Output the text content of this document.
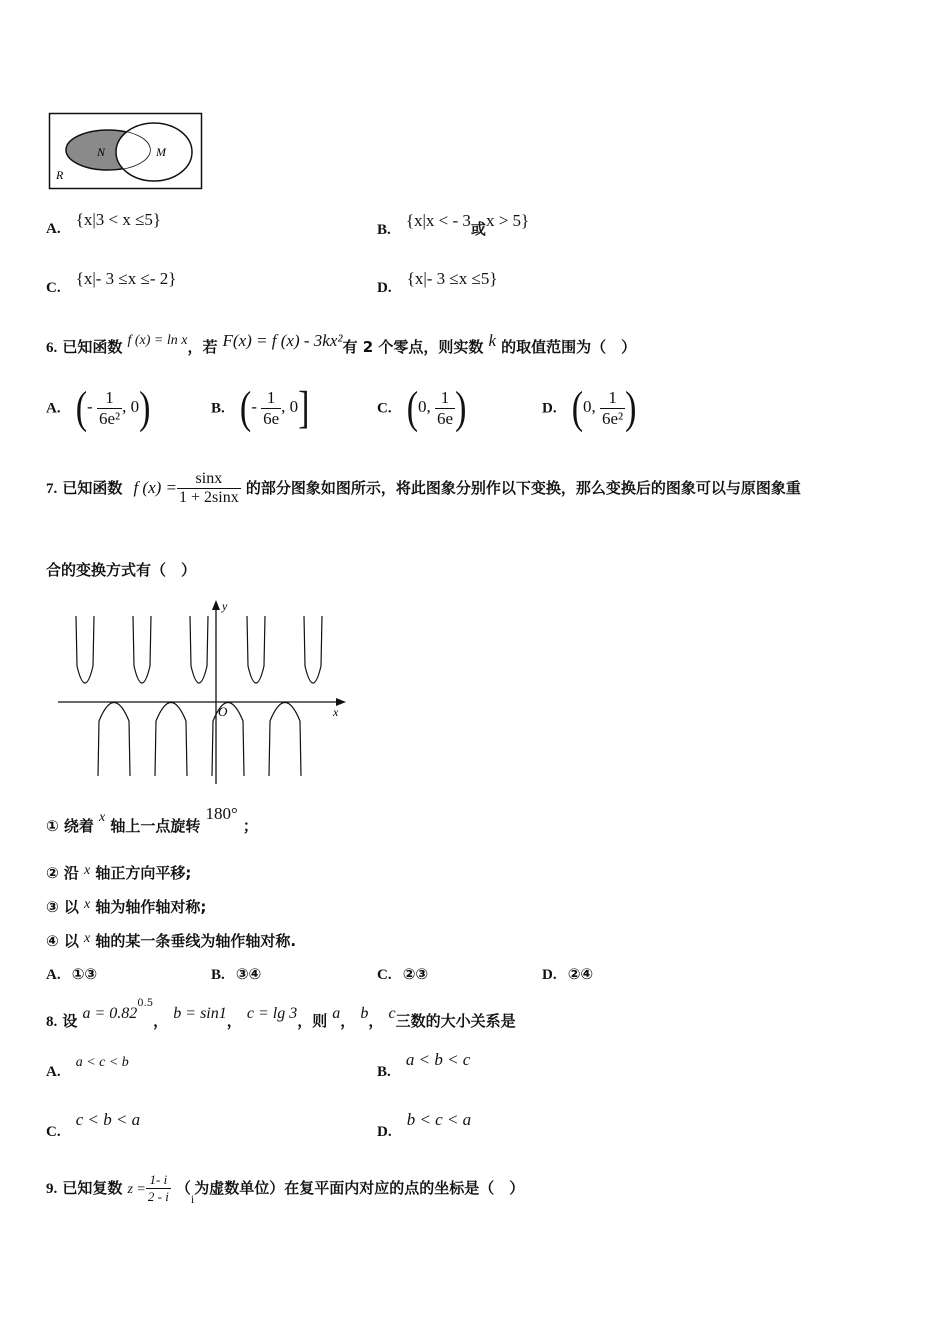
N	M
R
A. {x|3 < x ≤5}
B. {x|x < - 3或x > 5}
C. {x|- 3 ≤x ≤- 2}	D. {x|- 3 ≤x ≤5}
6. 已知函数 f (x) = ln x，若 F(x) = f (x) - 3kx²有 2 个零点，则实数 k 的取值范围为（　）
A. (- $\frac{1}{\text{6e²}}$ , 0)	B. (- $\frac{1}{6e}$ , 0]	C. (0, $\frac{1}{6e}$ )	D. (0, $\frac{1}{\text{6e²}}$ )
7. 已知函数 f $(x) = \frac{\sin x}{1 + 2\sin x}$ 的部分图象如图所示，将此图象分别作以下变换，那么变换后的图象可以与原图象重
合的变换方式有（　）
y
x
O
① 绕着 x 轴上一点旋转 180° ；
② 沿 x 轴正方向平移;
③ 以 x 轴为轴作轴对称;
④ 以 x 轴的某一条垂线为轴作轴对称.
A. ①③	B. ③④	C. ②③	D. ②④
8. 设 $a = 0.82^{0.5}$， b = sin1， c = lg 3，则 a， b， c三数的大小关系是
A. a < c < b
B. a < b < c
C. c < b < a
D. b < c < a
9. 已知复数 $z = \frac{1- i}{2 - i} (_i$为虚数单位）在复平面内对应的点的坐标是（　）
